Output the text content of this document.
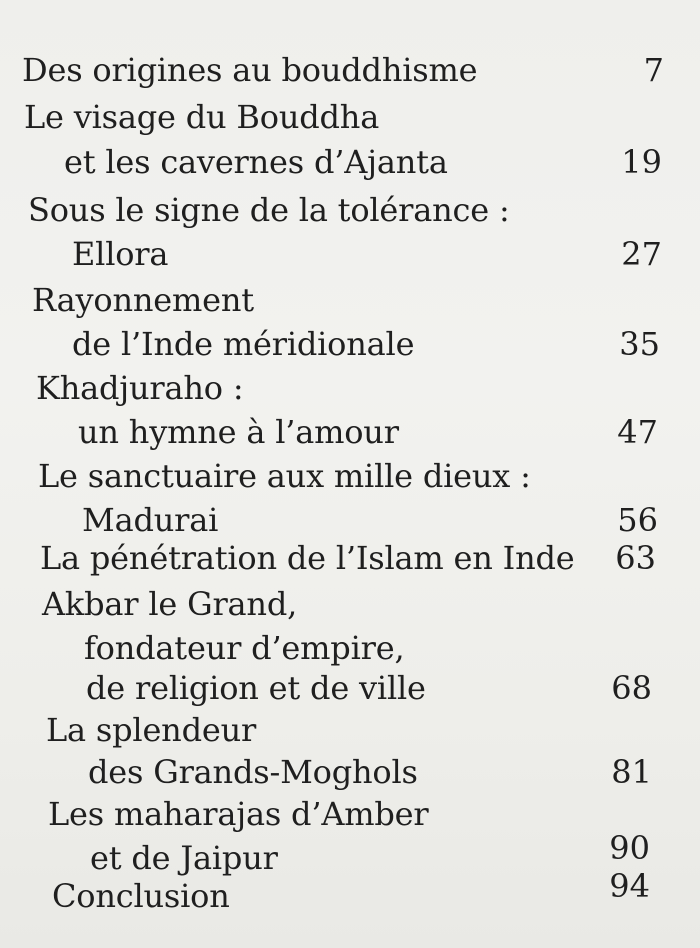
Des origines au bouddhisme	7
Le visage du Bouddha
et les cavernes d’Ajanta	19
Sous le signe de la tolérance :
Ellora	27
Rayonnement
de l’Inde méridionale	35
Khadjuraho :
un hymne à l’amour	47
Le sanctuaire aux mille dieux :
Madurai	56
La pénétration de l’Islam en Inde	63
Akbar le Grand,
fondateur d’empire,
de religion et de ville	68
La splendeur
des Grands-Moghols	81
Les maharajas d’Amber
et de Jaipur	90
Conclusion	94
